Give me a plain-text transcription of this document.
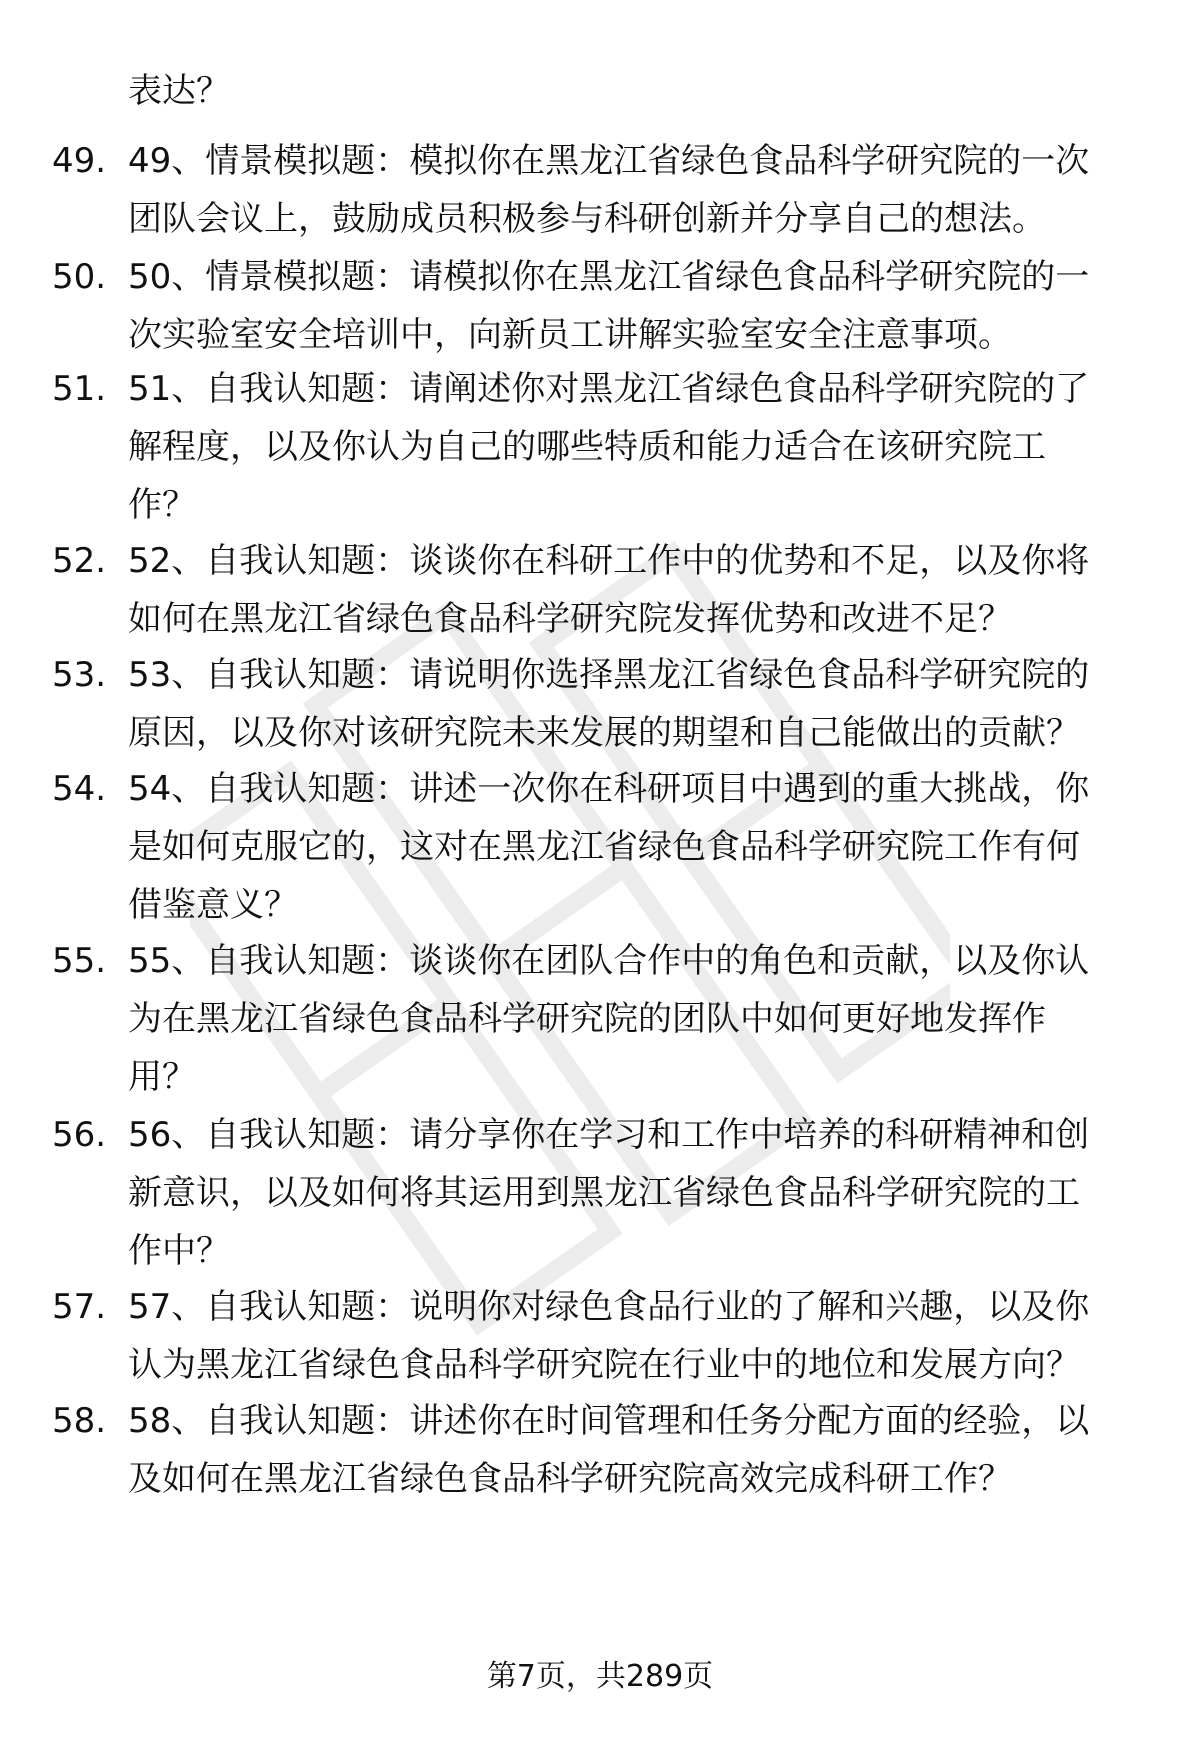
表达？
49. 49、情景模拟题：模拟你在黑龙江省绿色食品科学研究院的一次
团队会议上，鼓励成员积极参与科研创新并分享自己的想法。
50. 50、情景模拟题：请模拟你在黑龙江省绿色食品科学研究院的一
次实验室安全培训中，向新员工讲解实验室安全注意事项。
51. 51、自我认知题：请阐述你对黑龙江省绿色食品科学研究院的了
解程度，以及你认为自己的哪些特质和能力适合在该研究院工
作？
52. 52、自我认知题：谈谈你在科研工作中的优势和不足，以及你将
如何在黑龙江省绿色食品科学研究院发挥优势和改进不足？
53. 53、自我认知题：请说明你选择黑龙江省绿色食品科学研究院的
原因，以及你对该研究院未来发展的期望和自己能做出的贡献？
54. 54、自我认知题：讲述一次你在科研项目中遇到的重大挑战，你
是如何克服它的，这对在黑龙江省绿色食品科学研究院工作有何
借鉴意义？
55. 55、自我认知题：谈谈你在团队合作中的角色和贡献，以及你认
为在黑龙江省绿色食品科学研究院的团队中如何更好地发挥作
用？
56. 56、自我认知题：请分享你在学习和工作中培养的科研精神和创
新意识，以及如何将其运用到黑龙江省绿色食品科学研究院的工
作中？
57. 57、自我认知题：说明你对绿色食品行业的了解和兴趣，以及你
认为黑龙江省绿色食品科学研究院在行业中的地位和发展方向？
58. 58、自我认知题：讲述你在时间管理和任务分配方面的经验，以
及如何在黑龙江省绿色食品科学研究院高效完成科研工作？
第7页，共289页
